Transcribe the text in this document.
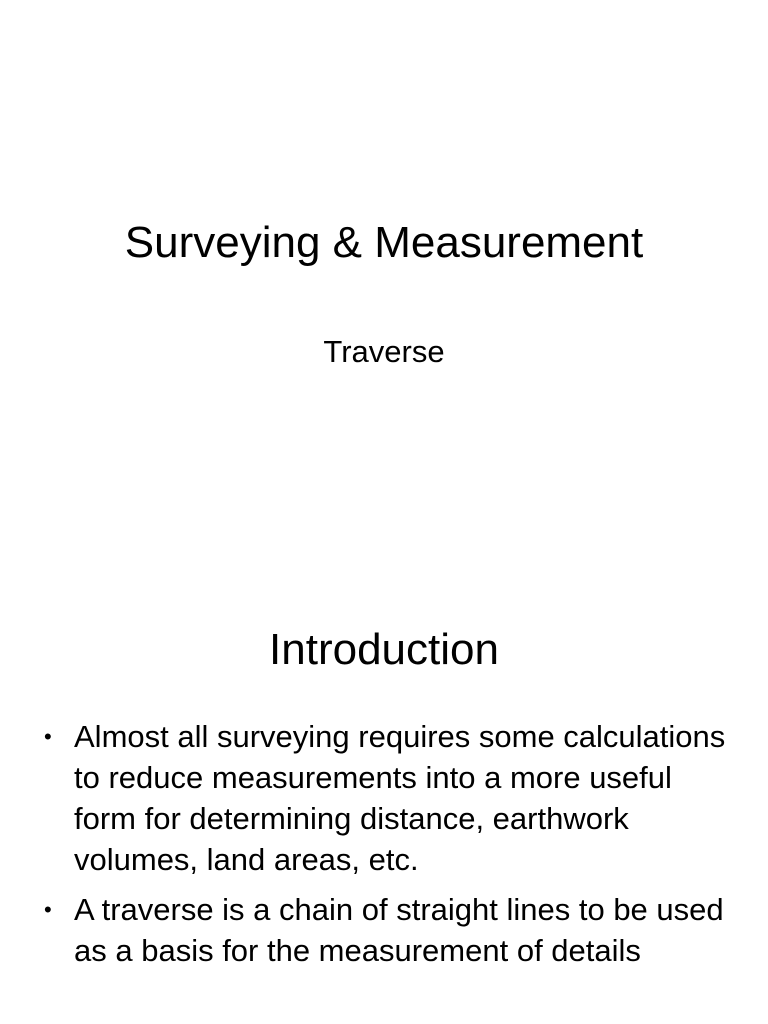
Surveying & Measurement

Traverse

Introduction
• Almost all surveying requires some calculations to reduce measurements into a more useful form for determining distance, earthwork volumes, land areas, etc.
• A traverse is a chain of straight lines to be used as a basis for the measurement of details
